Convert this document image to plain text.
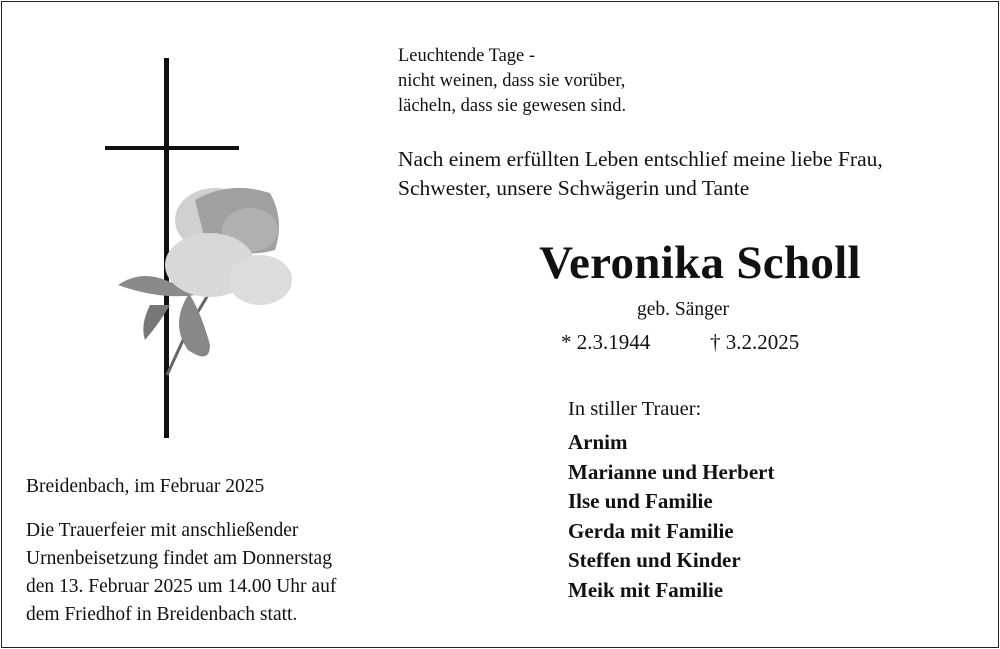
Leuchtende Tage -
nicht weinen, dass sie vorüber,
lächeln, dass sie gewesen sind.
Nach einem erfüllten Leben entschlief meine liebe Frau,
Schwester, unsere Schwägerin und Tante
Veronika Scholl
geb. Sänger
* 2.3.1944	† 3.2.2025
In stiller Trauer:
Arnim
Marianne und Herbert
Ilse und Familie
Gerda mit Familie
Steffen und Kinder
Meik mit Familie
Breidenbach, im Februar 2025
Die Trauerfeier mit anschließender
Urnenbeisetzung findet am Donnerstag
den 13. Februar 2025 um 14.00 Uhr auf
dem Friedhof in Breidenbach statt.
